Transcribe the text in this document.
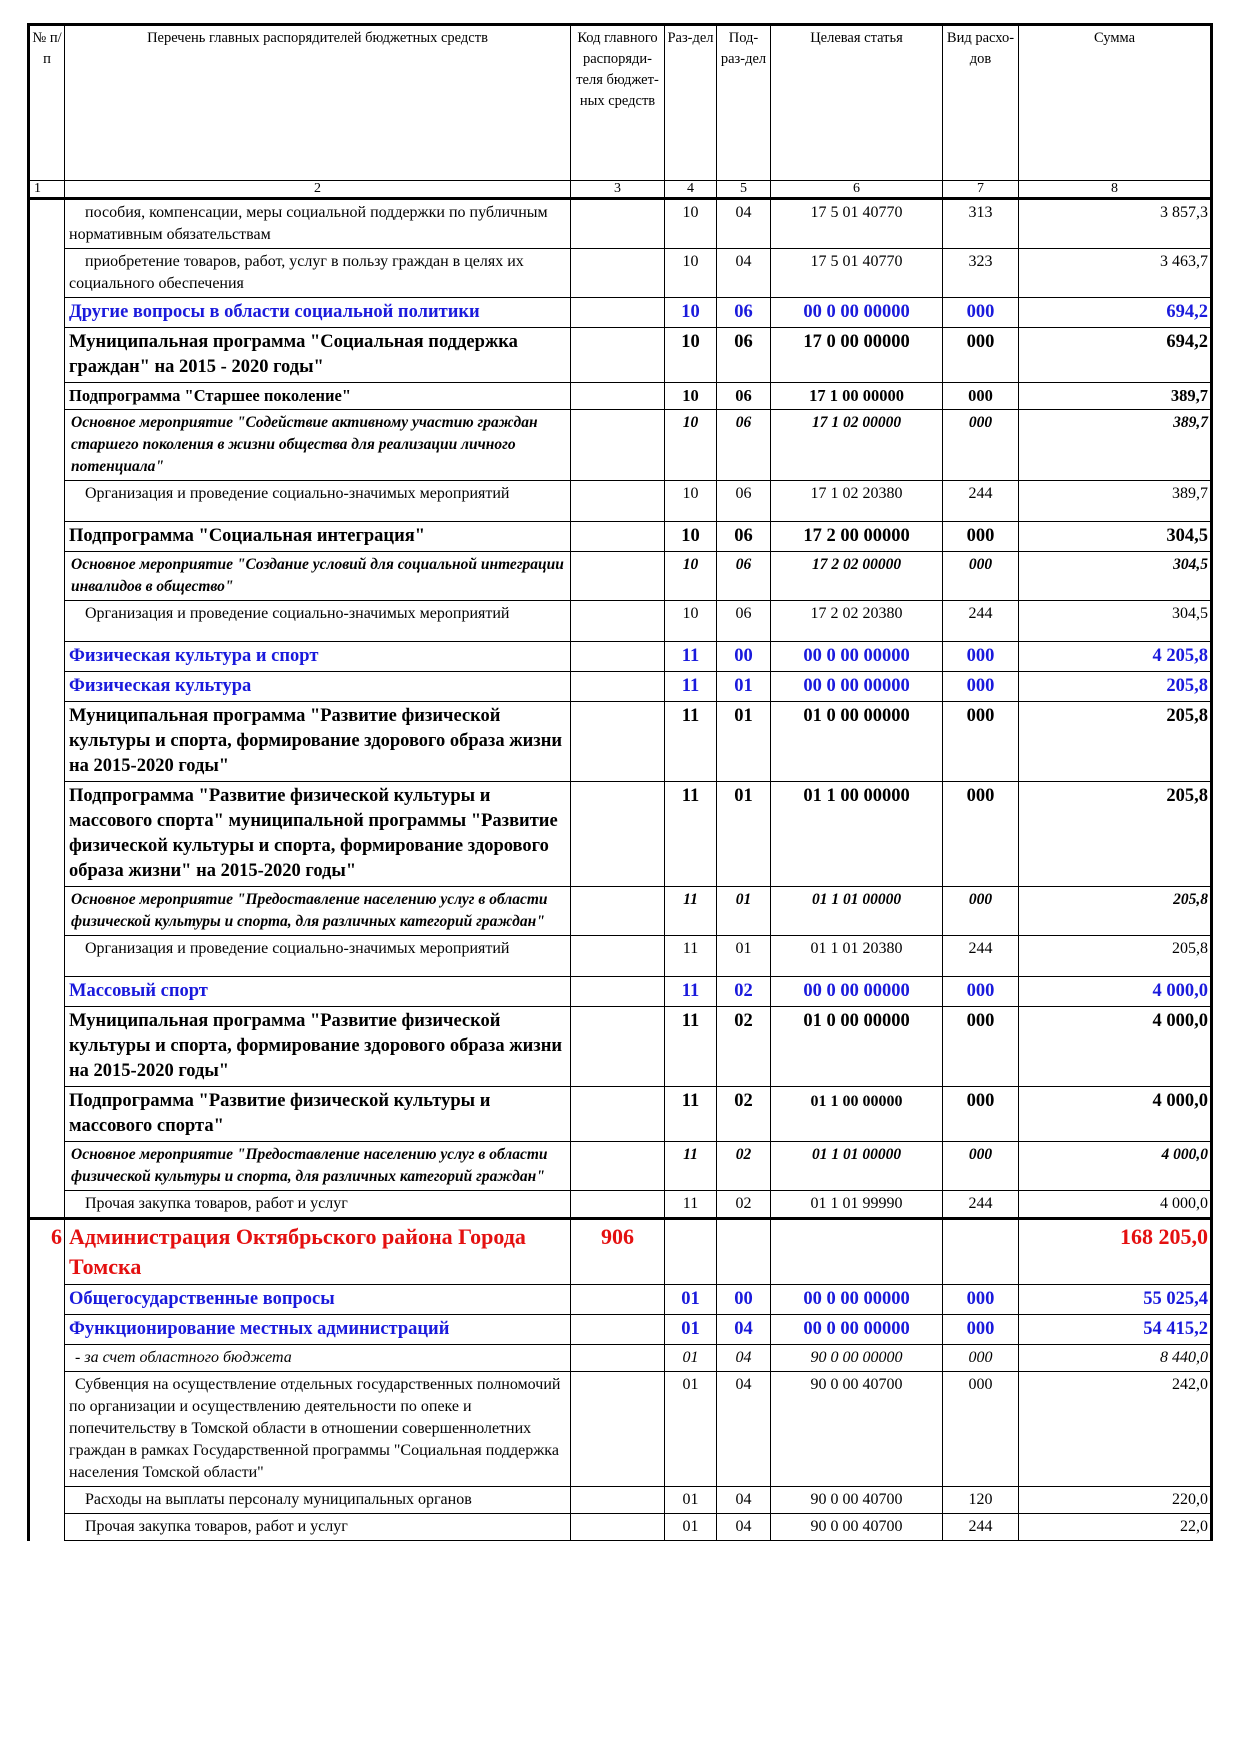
№ п/п	Перечень главных распорядителей бюджетных средств	Код главного распоряди-теля бюджет-ных средств	Раз-дел	Под-раз-дел	Целевая статья	Вид расхо-дов	Сумма
1	2	3	4	5	6	7	8
	пособия, компенсации, меры социальной поддержки по публичным нормативным обязательствам		10	04	17 5 01 40770	313	3 857,3
	приобретение товаров, работ, услуг в пользу граждан в целях их социального обеспечения		10	04	17 5 01 40770	323	3 463,7
	Другие вопросы в области социальной политики		10	06	00 0 00 00000	000	694,2
	Муниципальная программа "Социальная поддержка граждан" на 2015 - 2020 годы"		10	06	17 0 00 00000	000	694,2
	Подпрограмма "Старшее поколение"		10	06	17 1 00 00000	000	389,7
	Основное мероприятие "Содействие активному участию граждан старшего поколения в жизни общества для реализации личного потенциала"		10	06	17 1 02 00000	000	389,7
	Организация и проведение социально-значимых мероприятий		10	06	17 1 02 20380	244	389,7
	Подпрограмма "Социальная интеграция"		10	06	17 2 00 00000	000	304,5
	Основное мероприятие "Создание условий для социальной интеграции инвалидов в общество"		10	06	17 2 02 00000	000	304,5
	Организация и проведение социально-значимых мероприятий		10	06	17 2 02 20380	244	304,5
	Физическая культура и спорт		11	00	00 0 00 00000	000	4 205,8
	Физическая культура		11	01	00 0 00 00000	000	205,8
	Муниципальная программа "Развитие физической культуры и спорта, формирование здорового образа жизни на 2015-2020 годы"		11	01	01 0 00 00000	000	205,8
	Подпрограмма "Развитие физической культуры и массового спорта" муниципальной программы "Развитие физической культуры и спорта, формирование здорового образа жизни" на 2015-2020 годы"		11	01	01 1 00 00000	000	205,8
	Основное мероприятие "Предоставление населению услуг в области физической культуры и спорта, для различных категорий граждан"		11	01	01 1 01 00000	000	205,8
	Организация и проведение социально-значимых мероприятий		11	01	01 1 01 20380	244	205,8
	Массовый спорт		11	02	00 0 00 00000	000	4 000,0
	Муниципальная программа "Развитие физической культуры и спорта, формирование здорового образа жизни на 2015-2020 годы"		11	02	01 0 00 00000	000	4 000,0
	Подпрограмма "Развитие физической культуры и массового спорта"		11	02	01 1 00 00000	000	4 000,0
	Основное мероприятие "Предоставление населению услуг в области физической культуры и спорта, для различных категорий граждан"		11	02	01 1 01 00000	000	4 000,0
	Прочая закупка товаров, работ и услуг		11	02	01 1 01 99990	244	4 000,0
6	Администрация Октябрьского района Города Томска	906					168 205,0
	Общегосударственные вопросы		01	00	00 0 00 00000	000	55 025,4
	Функционирование местных администраций		01	04	00 0 00 00000	000	54 415,2
	- за счет областного бюджета		01	04	90 0 00 00000	000	8 440,0
	Субвенция на осуществление отдельных государственных полномочий по организации и осуществлению деятельности по опеке и попечительству в Томской области в отношении совершеннолетних граждан в рамках Государственной программы "Социальная поддержка населения Томской области"		01	04	90 0 00 40700	000	242,0
	Расходы на выплаты персоналу муниципальных органов		01	04	90 0 00 40700	120	220,0
	Прочая закупка товаров, работ и услуг		01	04	90 0 00 40700	244	22,0
